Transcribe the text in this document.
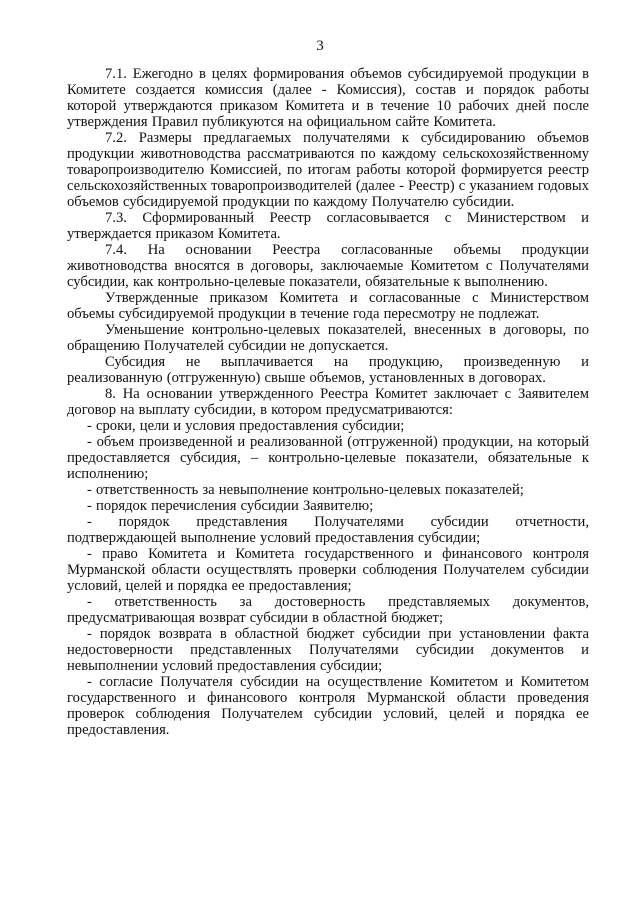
3

7.1. Ежегодно в целях формирования объемов субсидируемой продукции в Комитете создается комиссия (далее - Комиссия), состав и порядок работы которой утверждаются приказом Комитета и в течение 10 рабочих дней после утверждения Правил публикуются на официальном сайте Комитета.

7.2. Размеры предлагаемых получателями к субсидированию объемов продукции животноводства рассматриваются по каждому сельскохозяйственному товаропроизводителю Комиссией, по итогам работы которой формируется реестр сельскохозяйственных товаропроизводителей (далее - Реестр) с указанием годовых объемов субсидируемой продукции по каждому Получателю субсидии.

7.3. Сформированный Реестр согласовывается с Министерством и утверждается приказом Комитета.

7.4. На основании Реестра согласованные объемы продукции животноводства вносятся в договоры, заключаемые Комитетом с Получателями субсидии, как контрольно-целевые показатели, обязательные к выполнению.

Утвержденные приказом Комитета и согласованные с Министерством объемы субсидируемой продукции в течение года пересмотру не подлежат.

Уменьшение контрольно-целевых показателей, внесенных в договоры, по обращению Получателей субсидии не допускается.

Субсидия не выплачивается на продукцию, произведенную и реализованную (отгруженную) свыше объемов, установленных в договорах.

8. На основании утвержденного Реестра Комитет заключает с Заявителем договор на выплату субсидии, в котором предусматриваются:

- сроки, цели и условия предоставления субсидии;

- объем произведенной и реализованной (отгруженной) продукции, на который предоставляется субсидия, – контрольно-целевые показатели, обязательные к исполнению;

- ответственность за невыполнение контрольно-целевых показателей;

- порядок перечисления субсидии Заявителю;

- порядок представления Получателями субсидии отчетности, подтверждающей выполнение условий предоставления субсидии;

- право Комитета и Комитета государственного и финансового контроля Мурманской области осуществлять проверки соблюдения Получателем субсидии условий, целей и порядка ее предоставления;

- ответственность за достоверность представляемых документов, предусматривающая возврат субсидии в областной бюджет;

- порядок возврата в областной бюджет субсидии при установлении факта недостоверности представленных Получателями субсидии документов и невыполнении условий предоставления субсидии;

- согласие Получателя субсидии на осуществление Комитетом и Комитетом государственного и финансового контроля Мурманской области проведения проверок соблюдения Получателем субсидии условий, целей и порядка ее предоставления.
